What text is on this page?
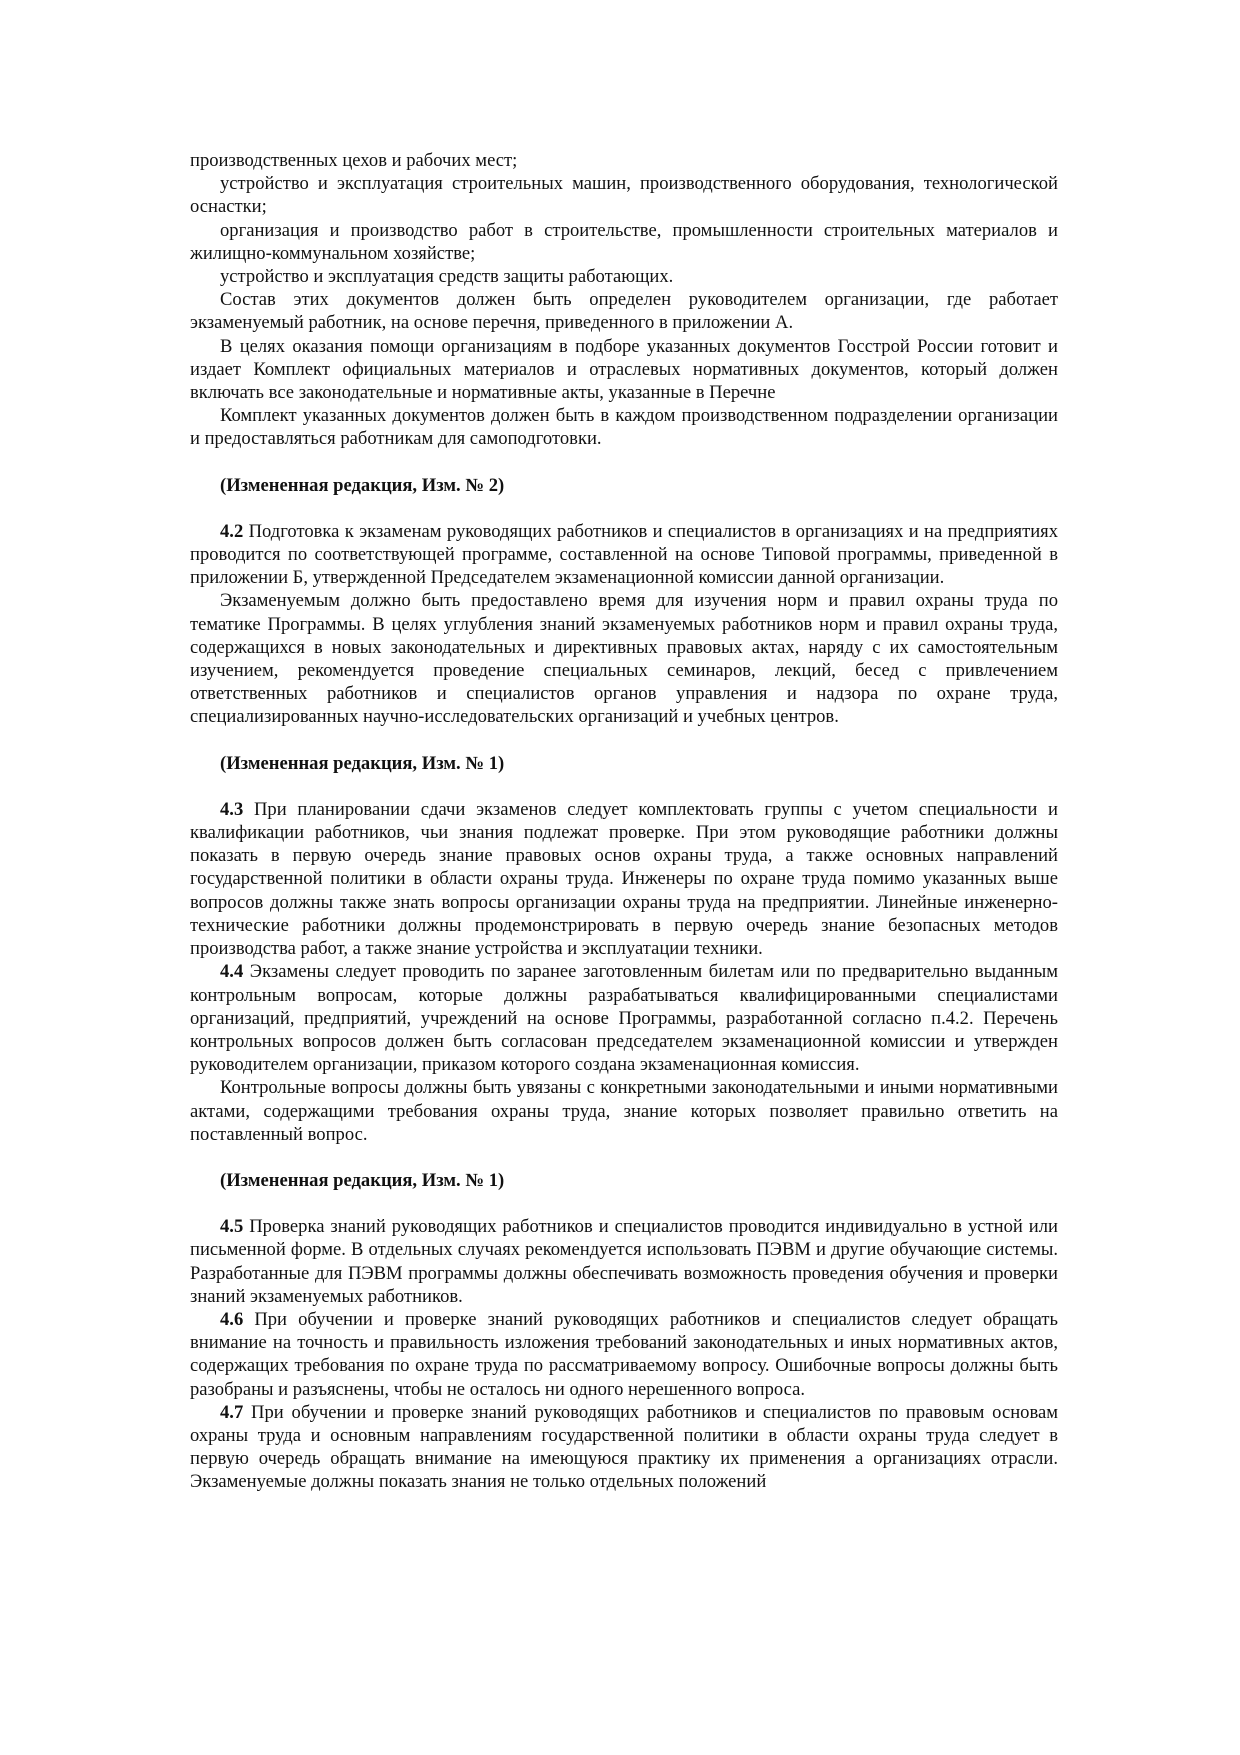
производственных цехов и рабочих мест;

устройство и эксплуатация строительных машин, производственного оборудования, технологической оснастки;

организация и производство работ в строительстве, промышленности строительных материалов и жилищно-коммунальном хозяйстве;

устройство и эксплуатация средств защиты работающих.

Состав этих документов должен быть определен руководителем организации, где работает экзаменуемый работник, на основе перечня, приведенного в приложении А.

В целях оказания помощи организациям в подборе указанных документов Госстрой России готовит и издает Комплект официальных материалов и отраслевых нормативных документов, который должен включать все законодательные и нормативные акты, указанные в Перечне

Комплект указанных документов должен быть в каждом производственном подразделении организации и предоставляться работникам для самоподготовки.

(Измененная редакция, Изм. № 2)

4.2 Подготовка к экзаменам руководящих работников и специалистов в организациях и на предприятиях проводится по соответствующей программе, составленной на основе Типовой программы, приведенной в приложении Б, утвержденной Председателем экзаменационной комиссии данной организации.

Экзаменуемым должно быть предоставлено время для изучения норм и правил охраны труда по тематике Программы. В целях углубления знаний экзаменуемых работников норм и правил охраны труда, содержащихся в новых законодательных и директивных правовых актах, наряду с их самостоятельным изучением, рекомендуется проведение специальных семинаров, лекций, бесед с привлечением ответственных работников и специалистов органов управления и надзора по охране труда, специализированных научно-исследовательских организаций и учебных центров.

(Измененная редакция, Изм. № 1)

4.3 При планировании сдачи экзаменов следует комплектовать группы с учетом специальности и квалификации работников, чьи знания подлежат проверке. При этом руководящие работники должны показать в первую очередь знание правовых основ охраны труда, а также основных направлений государственной политики в области охраны труда. Инженеры по охране труда помимо указанных выше вопросов должны также знать вопросы организации охраны труда на предприятии. Линейные инженерно-технические работники должны продемонстрировать в первую очередь знание безопасных методов производства работ, а также знание устройства и эксплуатации техники.

4.4 Экзамены следует проводить по заранее заготовленным билетам или по предварительно выданным контрольным вопросам, которые должны разрабатываться квалифицированными специалистами организаций, предприятий, учреждений на основе Программы, разработанной согласно п.4.2. Перечень контрольных вопросов должен быть согласован председателем экзаменационной комиссии и утвержден руководителем организации, приказом которого создана экзаменационная комиссия.

Контрольные вопросы должны быть увязаны с конкретными законодательными и иными нормативными актами, содержащими требования охраны труда, знание которых позволяет правильно ответить на поставленный вопрос.

(Измененная редакция, Изм. № 1)

4.5 Проверка знаний руководящих работников и специалистов проводится индивидуально в устной или письменной форме. В отдельных случаях рекомендуется использовать ПЭВМ и другие обучающие системы. Разработанные для ПЭВМ программы должны обеспечивать возможность проведения обучения и проверки знаний экзаменуемых работников.

4.6 При обучении и проверке знаний руководящих работников и специалистов следует обращать внимание на точность и правильность изложения требований законодательных и иных нормативных актов, содержащих требования по охране труда по рассматриваемому вопросу. Ошибочные вопросы должны быть разобраны и разъяснены, чтобы не осталось ни одного нерешенного вопроса.

4.7 При обучении и проверке знаний руководящих работников и специалистов по правовым основам охраны труда и основным направлениям государственной политики в области охраны труда следует в первую очередь обращать внимание на имеющуюся практику их применения а организациях отрасли. Экзаменуемые должны показать знания не только отдельных положений
